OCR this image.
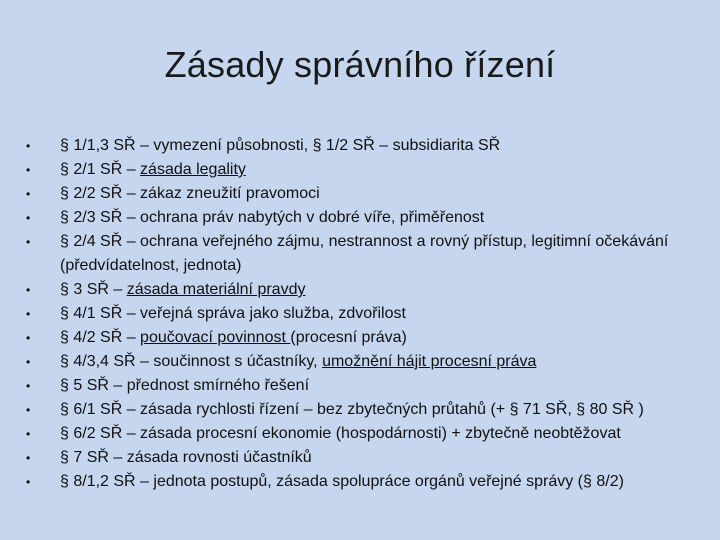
Zásady správního řízení
• § 1/1,3 SŘ – vymezení působnosti, § 1/2 SŘ – subsidiarita SŘ
• § 2/1 SŘ – zásada legality
• § 2/2 SŘ – zákaz zneužití pravomoci
• § 2/3 SŘ – ochrana práv nabytých v dobré víře, přiměřenost
• § 2/4 SŘ – ochrana veřejného zájmu, nestrannost a rovný přístup, legitimní očekávání (předvídatelnost, jednota)
• § 3 SŘ – zásada materiální pravdy
• § 4/1 SŘ – veřejná správa jako služba, zdvořilost
• § 4/2 SŘ – poučovací povinnost (procesní práva)
• § 4/3,4 SŘ – součinnost s účastníky, umožnění hájit procesní práva
• § 5 SŘ – přednost smírného řešení
• § 6/1 SŘ – zásada rychlosti řízení – bez zbytečných průtahů (+ § 71 SŘ, § 80 SŘ )
• § 6/2 SŘ – zásada procesní ekonomie (hospodárnosti) + zbytečně neobtěžovat
• § 7 SŘ – zásada rovnosti účastníků
• § 8/1,2 SŘ – jednota postupů, zásada spolupráce orgánů veřejné správy (§ 8/2)
